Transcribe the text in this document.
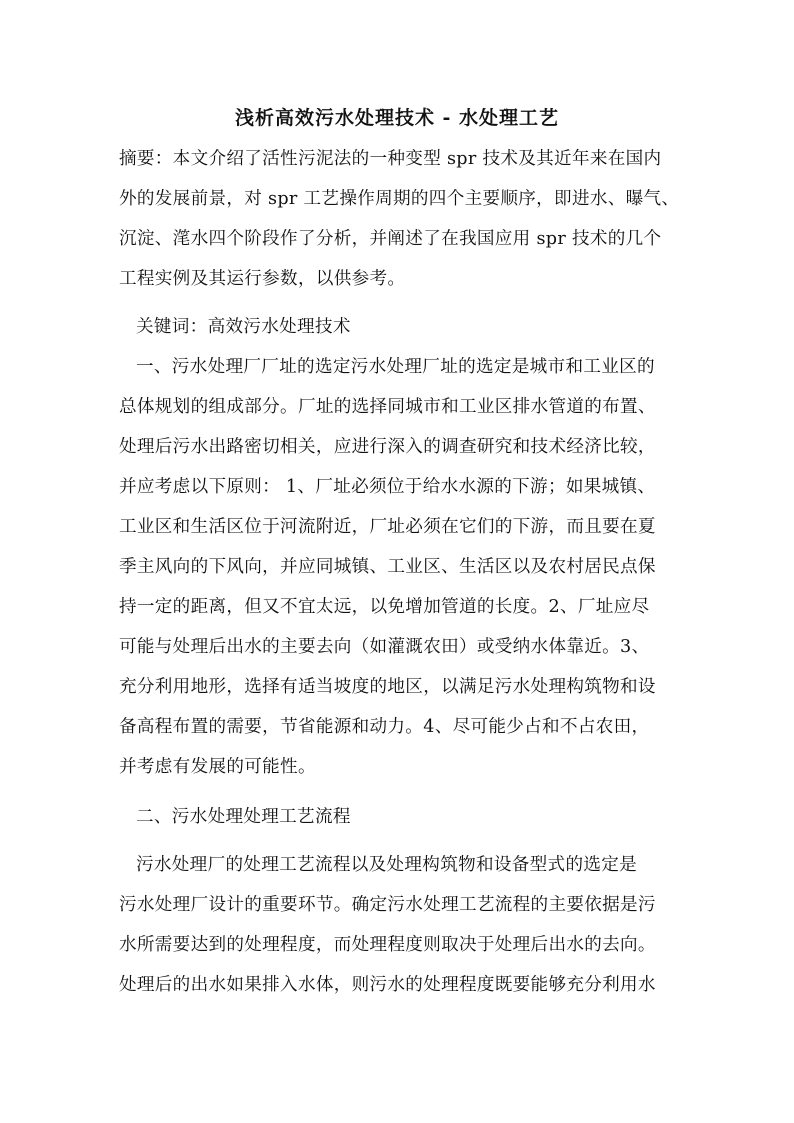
浅析高效污水处理技术 - 水处理工艺
摘要：本文介绍了活性污泥法的一种变型 spr 技术及其近年来在国内
外的发展前景，对 spr 工艺操作周期的四个主要顺序，即进水、曝气、
沉淀、滗水四个阶段作了分析，并阐述了在我国应用 spr 技术的几个
工程实例及其运行参数，以供参考。
关键词：高效污水处理技术
一、污水处理厂厂址的选定污水处理厂址的选定是城市和工业区的
总体规划的组成部分。厂址的选择同城市和工业区排水管道的布置、
处理后污水出路密切相关，应进行深入的调查研究和技术经济比较，
并应考虑以下原则： 1、厂址必须位于给水水源的下游；如果城镇、
工业区和生活区位于河流附近，厂址必须在它们的下游，而且要在夏
季主风向的下风向，并应同城镇、工业区、生活区以及农村居民点保
持一定的距离，但又不宜太远，以免增加管道的长度。2、厂址应尽
可能与处理后出水的主要去向（如灌溉农田）或受纳水体靠近。3、
充分利用地形，选择有适当坡度的地区，以满足污水处理构筑物和设
备高程布置的需要，节省能源和动力。4、尽可能少占和不占农田，
并考虑有发展的可能性。
二、污水处理处理工艺流程
污水处理厂的处理工艺流程以及处理构筑物和设备型式的选定是
污水处理厂设计的重要环节。确定污水处理工艺流程的主要依据是污
水所需要达到的处理程度，而处理程度则取决于处理后出水的去向。
处理后的出水如果排入水体，则污水的处理程度既要能够充分利用水
